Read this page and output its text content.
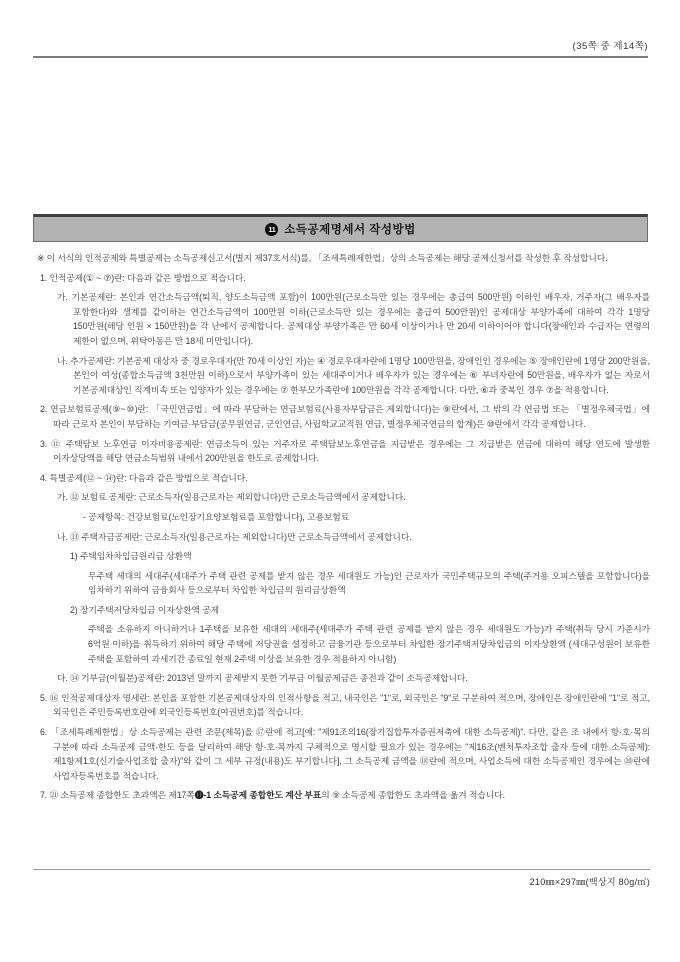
(35쪽 중 제14쪽)
11 소득공제명세서 작성방법
※ 이 서식의 인적공제와 특별공제는 소득공제신고서(별지 제37호서식)를, 「조세특례제한법」상의 소득공제는 해당 공제신청서를 작성한 후 작성합니다.
1. 인적공제(① ~ ⑦)란: 다음과 같은 방법으로 적습니다.
가. 기본공제란: 본인과 연간소득금액(퇴직, 양도소득금액 포함)이 100만원(근로소득만 있는 경우에는 총급여 500만원) 이하인 배우자, 거주자(그 배우자를 포함한다)와 생계를 같이하는 연간소득금액이 100만원 이하(근로소득만 있는 경우에는 총급여 500만원)인 공제대상 부양가족에 대하여 각각 1명당 150만원(해당 인원 × 150만원)을 각 난에서 공제합니다. 공제대상 부양가족은 만 60세 이상이거나 만 20세 이하이어야 합니다(장애인과 수급자는 연령의 제한이 없으며, 위탁아동은 만 18세 미만입니다).
나. 추가공제란: 기본공제 대상자 중 경로우대자(만 70세 이상인 자)는 ④ 경로우대자란에 1명당 100만원을, 장애인인 경우에는 ⑤ 장애인란에 1명당 200만원을, 본인이 여성(종합소득금액 3천만원 이하)으로서 부양가족이 있는 세대주이거나 배우자가 있는 경우에는 ⑥ 부녀자란에 50만원을, 배우자가 없는 자로서 기본공제대상인 직계비속 또는 입양자가 있는 경우에는 ⑦ 한부모가족란에 100만원을 각각 공제합니다. 다만, ⑥과 중복인 경우 ⑦을 적용합니다.
2. 연금보험료공제(⑨~⑩)란: 「국민연금법」에 따라 부담하는 연금보험료(사용자부담금은 제외합니다)는 ⑨란에서, 그 밖의 각 연금법 또는 「별정우체국법」에 따라 근로자 본인이 부담하는 기여금·부담금(공무원연금, 군인연금, 사립학교교직원 연금, 별정우체국연금의 합계)은 ⑩란에서 각각 공제합니다.
3. ⑪ 주택담보 노후연금 이자비용공제란: 연금소득이 있는 거주자로 주택담보노후연금을 지급받은 경우에는 그 지급받은 연금에 대하여 해당 연도에 발생한 이자상당액을 해당 연금소득범위 내에서 200만원을 한도로 공제합니다.
4. 특별공제(⑫ ~ ⑭)란: 다음과 같은 방법으로 적습니다.
가. ⑫ 보험료 공제란: 근로소득자(일용근로자는 제외합니다)만 근로소득금액에서 공제합니다.
- 공제항목: 건강보험료(노인장기요양보험료를 포함합니다), 고용보험료
나. ⑬ 주택자금공제란: 근로소득자(일용근로자는 제외합니다)만 근로소득금액에서 공제합니다.
1) 주택임차차입금원리금 상환액
무주택 세대의 세대주(세대주가 주택 관련 공제를 받지 않은 경우 세대원도 가능)인 근로자가 국민주택규모의 주택(주거용 오피스텔을 포함합니다)을 임차하기 위하여 금융회사 등으로부터 차입한 차입금의 원리금상환액
2) 장기주택저당차입금 이자상환액 공제
주택을 소유하지 아니하거나 1주택을 보유한 세대의 세대주(세대주가 주택 관련 공제를 받지 않은 경우 세대원도 가능)가 주택(취득 당시 기준시가 6억원 이하)을 취득하기 위하여 해당 주택에 저당권을 설정하고 금융기관 등으로부터 차입한 장기주택저당차입금의 이자상환액 (세대구성원이 보유한 주택을 포함하여 과세기간 종료일 현재 2주택 이상을 보유한 경우 적용하지 아니함)
다. ⑭ 기부금(이월분)공제란: 2013년 말까지 공제받지 못한 기부금 이월공제금은 종전과 같이 소득공제합니다.
5. ⑯ 인적공제대상자 명세란: 본인을 포함한 기본공제대상자의 인적사항을 적고, 내국인은 "1"로, 외국인은 "9"로 구분하여 적으며, 장애인은 장애인란에 "1"로 적고, 외국인은 주민등록번호란에 외국인등록번호(여권번호)를 적습니다.
6. 「조세특례제한법」상 소득공제는 관련 조문(제목)을 ⑰란에 적고[예: "제91조의16(장기집합투자증권저축에 대한 소득공제)". 다만, 같은 조 내에서 항·호·목의 구분에 따라 소득공제 금액·한도 등을 달리하여 해당 항·호·목까지 구체적으로 명시할 필요가 있는 경우에는 "제16조(벤처투자조합 출자 등에 대한 소득공제): 제1항제1호(신기술사업조합 출자)"와 같이 그 세부 규정(내용)도 부기합니다], 그 소득공제 금액을 ⑱란에 적으며, 사업소득에 대한 소득공제인 경우에는 ⑳란에 사업자등록번호를 적습니다.
7. ㉑ 소득공제 종합한도 초과액은 제17쪽⓫-1 소득공제 종합한도 계산 부표의 ⑨ 소득공제 종합한도 초과액을 옮겨 적습니다.
210㎜×297㎜(백상지 80g/㎡)
